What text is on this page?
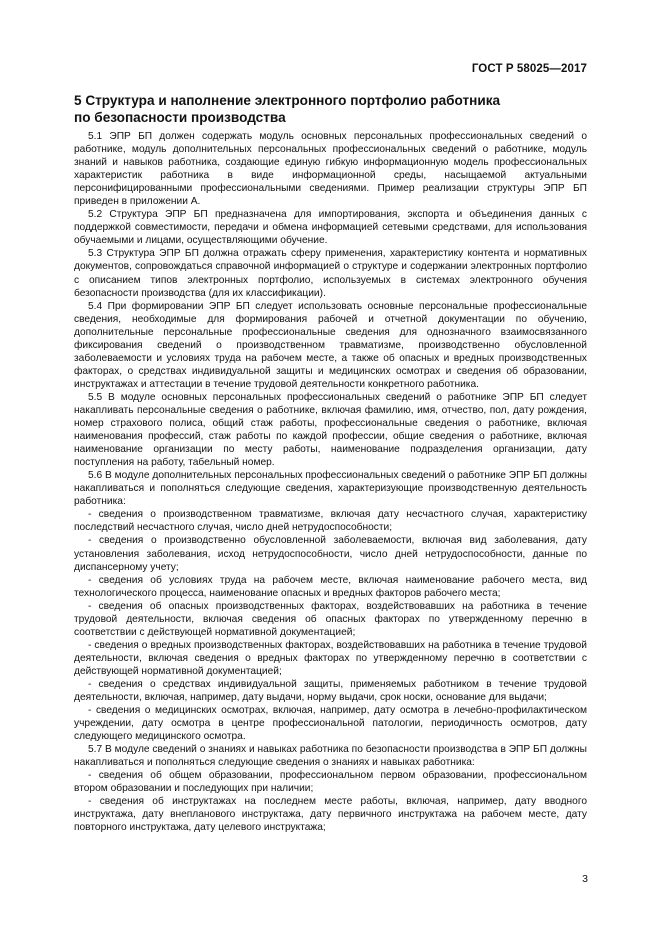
ГОСТ Р 58025—2017
5 Структура и наполнение электронного портфолио работника
по безопасности производства

5.1 ЭПР БП должен содержать модуль основных персональных профессиональных сведений о работнике, модуль дополнительных персональных профессиональных сведений о работнике, модуль знаний и навыков работника, создающие единую гибкую информационную модель профессиональных характеристик работника в виде информационной среды, насыщаемой актуальными персонифицированными профессиональными сведениями. Пример реализации структуры ЭПР БП приведен в приложении А.

5.2 Структура ЭПР БП предназначена для импортирования, экспорта и объединения данных с поддержкой совместимости, передачи и обмена информацией сетевыми средствами, для использования обучаемыми и лицами, осуществляющими обучение.

5.3 Структура ЭПР БП должна отражать сферу применения, характеристику контента и нормативных документов, сопровождаться справочной информацией о структуре и содержании электронных портфолио с описанием типов электронных портфолио, используемых в системах электронного обучения безопасности производства (для их классификации).

5.4 При формировании ЭПР БП следует использовать основные персональные профессиональные сведения, необходимые для формирования рабочей и отчетной документации по обучению, дополнительные персональные профессиональные сведения для однозначного взаимосвязанного фиксирования сведений о производственном травматизме, производственно обусловленной заболеваемости и условиях труда на рабочем месте, а также об опасных и вредных производственных факторах, о средствах индивидуальной защиты и медицинских осмотрах и сведения об образовании, инструктажах и аттестации в течение трудовой деятельности конкретного работника.

5.5 В модуле основных персональных профессиональных сведений о работнике ЭПР БП следует накапливать персональные сведения о работнике, включая фамилию, имя, отчество, пол, дату рождения, номер страхового полиса, общий стаж работы, профессиональные сведения о работнике, включая наименования профессий, стаж работы по каждой профессии, общие сведения о работнике, включая наименование организации по месту работы, наименование подразделения организации, дату поступления на работу, табельный номер.

5.6 В модуле дополнительных персональных профессиональных сведений о работнике ЭПР БП должны накапливаться и пополняться следующие сведения, характеризующие производственную деятельность работника:

- сведения о производственном травматизме, включая дату несчастного случая, характеристику последствий несчастного случая, число дней нетрудоспособности;

- сведения о производственно обусловленной заболеваемости, включая вид заболевания, дату установления заболевания, исход нетрудоспособности, число дней нетрудоспособности, данные по диспансерному учету;

- сведения об условиях труда на рабочем месте, включая наименование рабочего места, вид технологического процесса, наименование опасных и вредных факторов рабочего места;

- сведения об опасных производственных факторах, воздействовавших на работника в течение трудовой деятельности, включая сведения об опасных факторах по утвержденному перечню в соответствии с действующей нормативной документацией;

- сведения о вредных производственных факторах, воздействовавших на работника в течение трудовой деятельности, включая сведения о вредных факторах по утвержденному перечню в соответствии с действующей нормативной документацией;

- сведения о средствах индивидуальной защиты, применяемых работником в течение трудовой деятельности, включая, например, дату выдачи, норму выдачи, срок носки, основание для выдачи;

- сведения о медицинских осмотрах, включая, например, дату осмотра в лечебно-профилактическом учреждении, дату осмотра в центре профессиональной патологии, периодичность осмотров, дату следующего медицинского осмотра.

5.7 В модуле сведений о знаниях и навыках работника по безопасности производства в ЭПР БП должны накапливаться и пополняться следующие сведения о знаниях и навыках работника:

- сведения об общем образовании, профессиональном первом образовании, профессиональном втором образовании и последующих при наличии;

- сведения об инструктажах на последнем месте работы, включая, например, дату вводного инструктажа, дату внепланового инструктажа, дату первичного инструктажа на рабочем месте, дату повторного инструктажа, дату целевого инструктажа;

3
